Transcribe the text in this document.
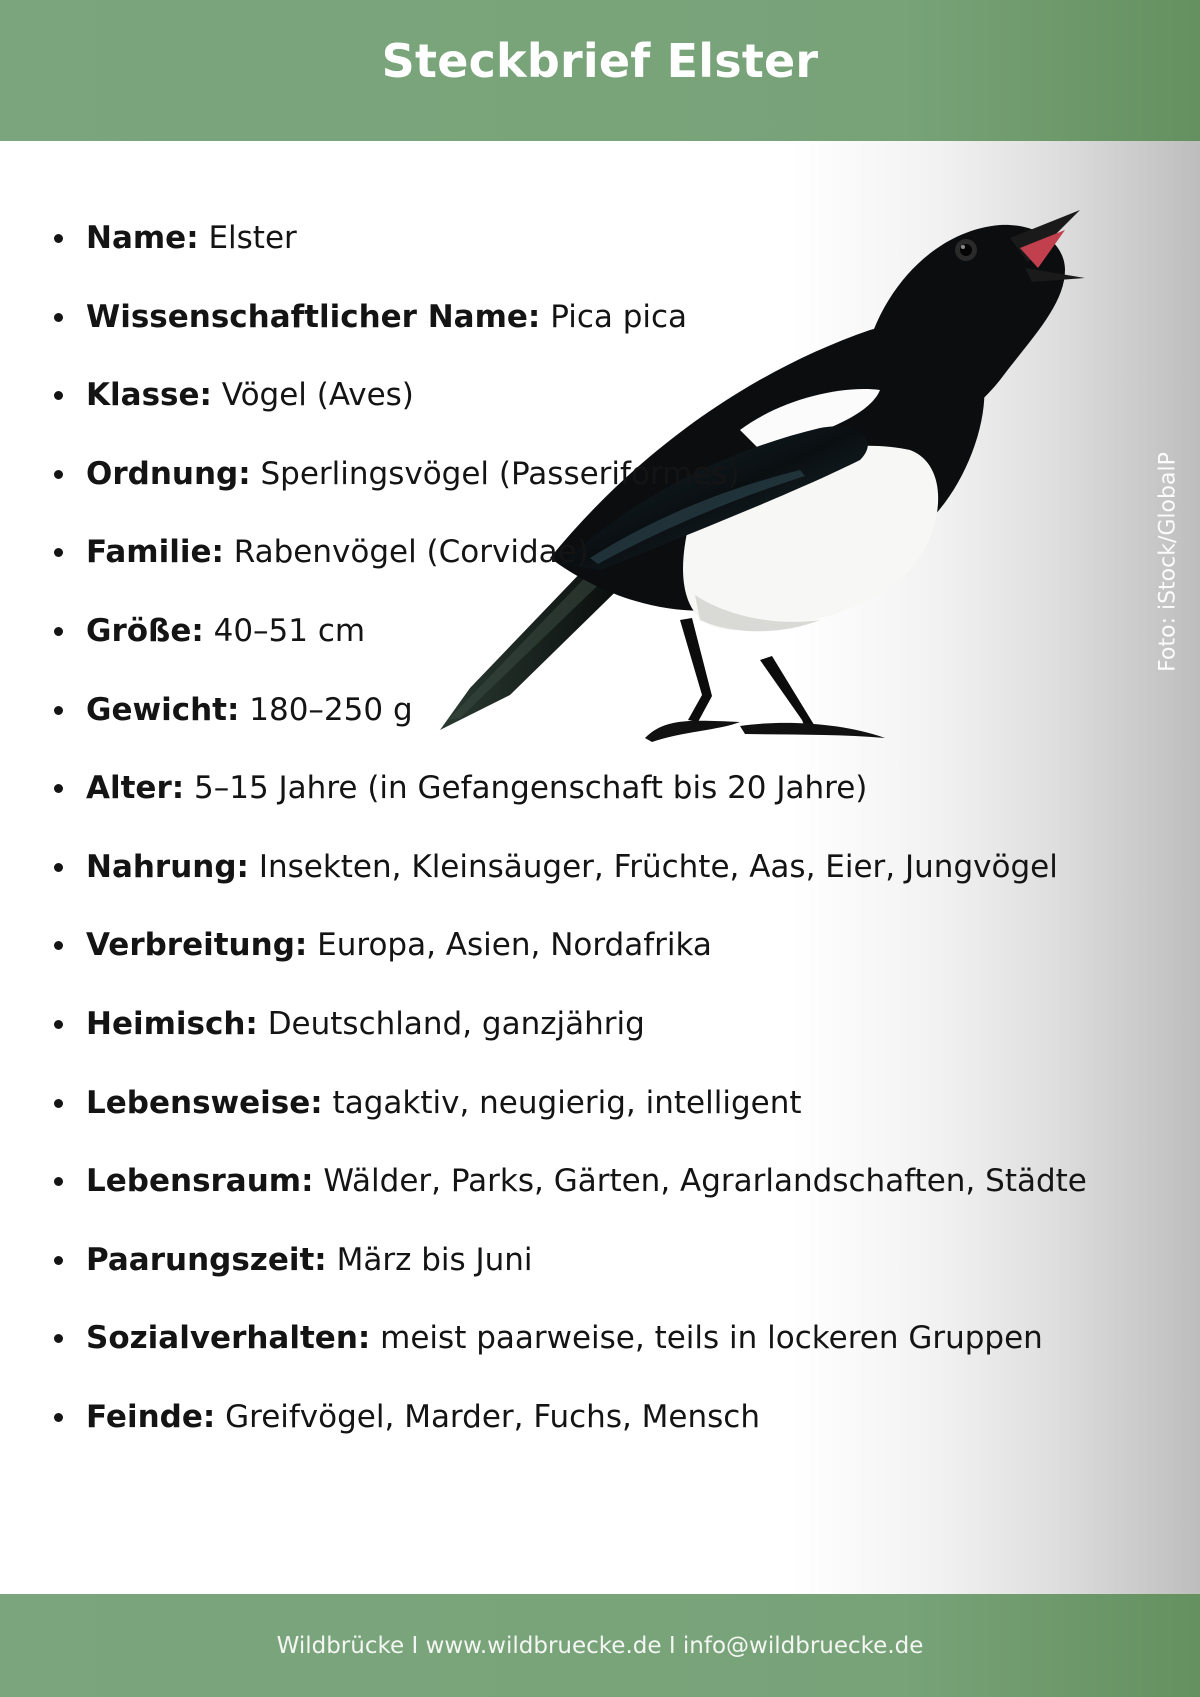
Steckbrief Elster
Foto: iStock/GlobalP
Name: Elster
Wissenschaftlicher Name: Pica pica
Klasse: Vögel (Aves)
Ordnung: Sperlingsvögel (Passeriformes)
Familie: Rabenvögel (Corvidae)
Größe: 40–51 cm
Gewicht: 180–250 g
Alter: 5–15 Jahre (in Gefangenschaft bis 20 Jahre)
Nahrung: Insekten, Kleinsäuger, Früchte, Aas, Eier, Jungvögel
Verbreitung: Europa, Asien, Nordafrika
Heimisch: Deutschland, ganzjährig
Lebensweise: tagaktiv, neugierig, intelligent
Lebensraum: Wälder, Parks, Gärten, Agrarlandschaften, Städte
Paarungszeit: März bis Juni
Sozialverhalten: meist paarweise, teils in lockeren Gruppen
Feinde: Greifvögel, Marder, Fuchs, Mensch
Wildbrücke I www.wildbruecke.de I info@wildbruecke.de
